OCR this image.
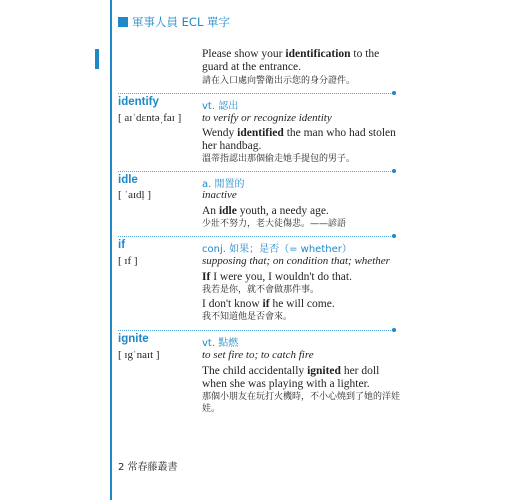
軍事人員 ECL 單字
Please show your identification to the guard at the entrance.
請在入口處向警衛出示您的身分證件。
identify	vt. 認出
[ aɪˈdɛntəˌfaɪ ] to verify or recognize identity
Wendy identified the man who had stolen her handbag.
溫蒂指認出那個偷走她手提包的男子。
idle	a. 閒置的
[ ˈaɪdḷ ]	inactive
An idle youth, a needy age.
少壯不努力，老大徒傷悲。——諺語
if	conj. 如果；是否（= whether）
[ ɪf ]	supposing that; on condition that; whether
If I were you, I wouldn't do that.
我若是你，就不會做那件事。
I don't know if he will come.
我不知道他是否會來。
ignite	vt. 點燃
[ ɪgˈnaɪt ]	to set fire to; to catch fire
The child accidentally ignited her doll when she was playing with a lighter.
那個小朋友在玩打火機時，不小心燒到了她的洋娃娃。
2 常春藤叢書
